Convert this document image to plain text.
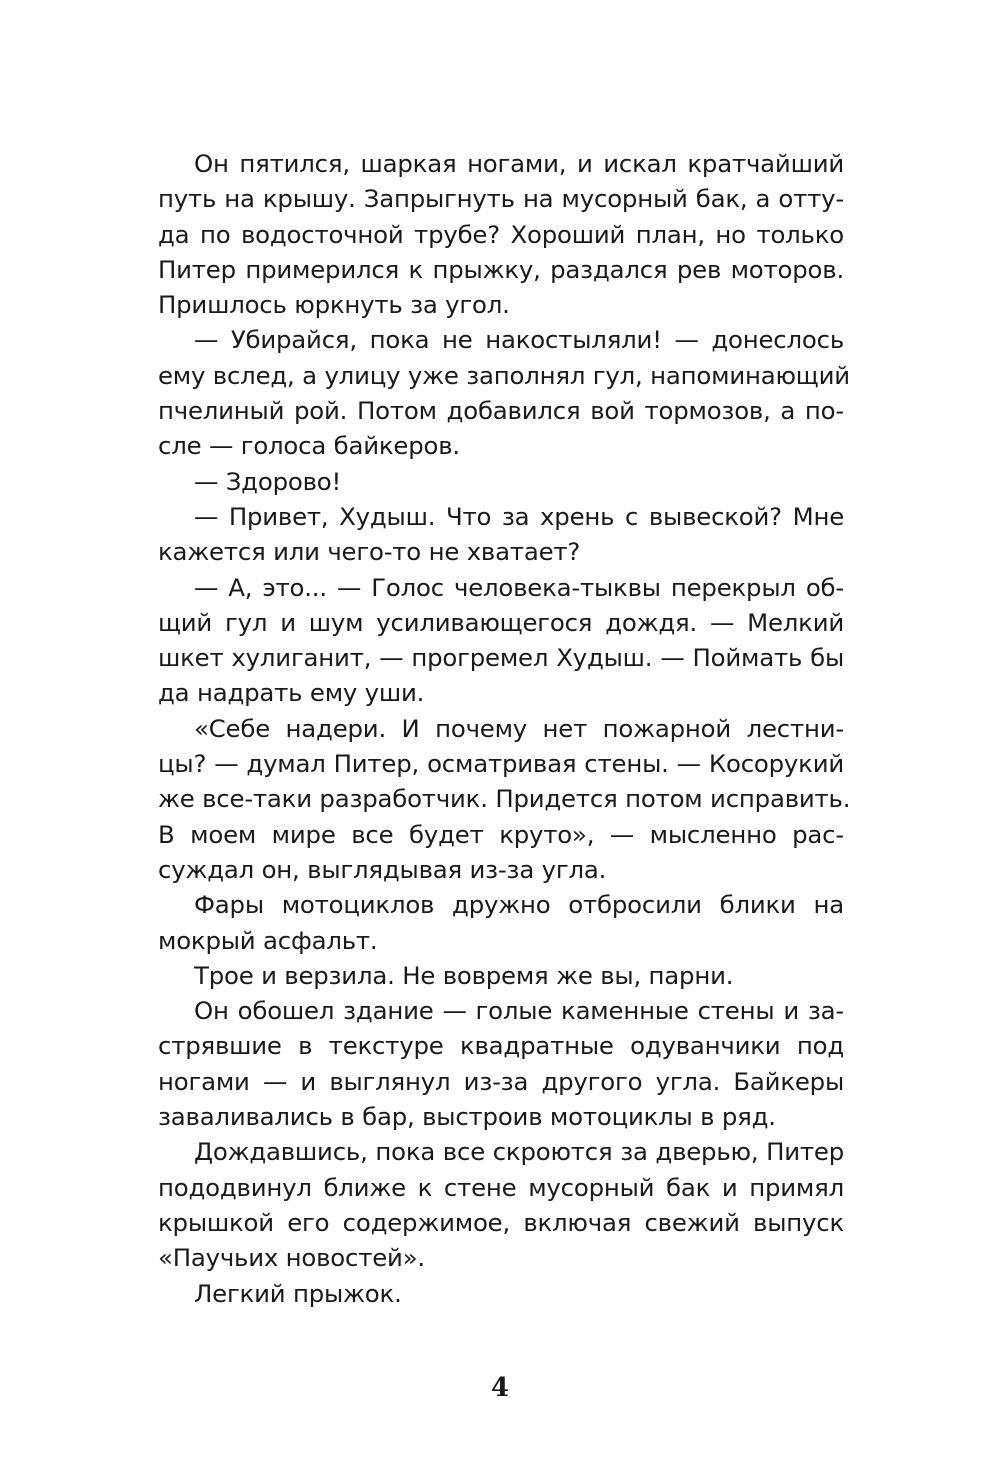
Он пятился, шаркая ногами, и искал кратчайший
путь на крышу. Запрыгнуть на мусорный бак, а отту-
да по водосточной трубе? Хороший план, но только
Питер примерился к прыжку, раздался рев моторов.
Пришлось юркнуть за угол.
— Убирайся, пока не накостыляли! — донеслось
ему вслед, а улицу уже заполнял гул, напоминающий
пчелиный рой. Потом добавился вой тормозов, а по-
сле — голоса байкеров.
— Здорово!
— Привет, Худыш. Что за хрень с вывеской? Мне
кажется или чего-то не хватает?
— А, это... — Голос человека-тыквы перекрыл об-
щий гул и шум усиливающегося дождя. — Мелкий
шкет хулиганит, — прогремел Худыш. — Поймать бы
да надрать ему уши.
«Себе надери. И почему нет пожарной лестни-
цы? — думал Питер, осматривая стены. — Косорукий
же все-таки разработчик. Придется потом исправить.
В моем мире все будет круто», — мысленно рас-
суждал он, выглядывая из-за угла.
Фары мотоциклов дружно отбросили блики на
мокрый асфальт.
Трое и верзила. Не вовремя же вы, парни.
Он обошел здание — голые каменные стены и за-
стрявшие в текстуре квадратные одуванчики под
ногами — и выглянул из-за другого угла. Байкеры
заваливались в бар, выстроив мотоциклы в ряд.
Дождавшись, пока все скроются за дверью, Питер
пододвинул ближе к стене мусорный бак и примял
крышкой его содержимое, включая свежий выпуск
«Паучьих новостей».
Легкий прыжок.
4
